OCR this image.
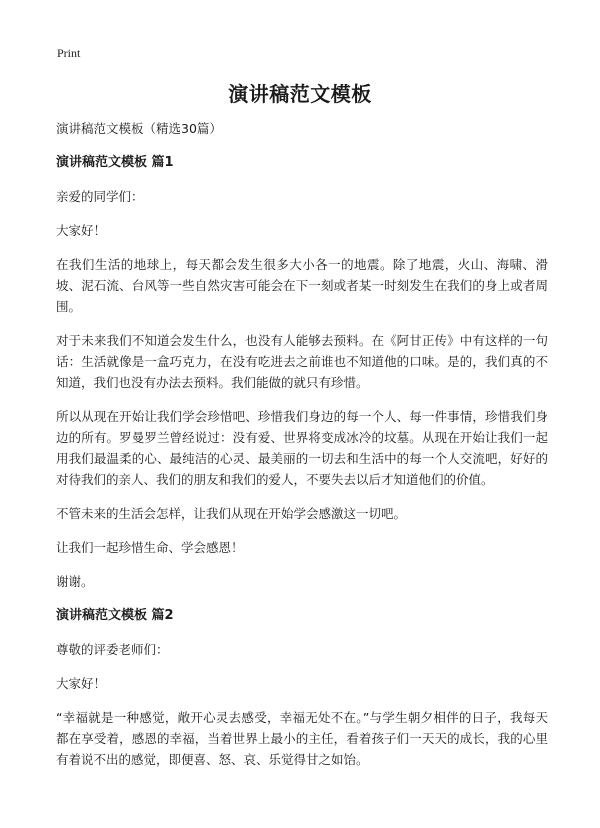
Print
演讲稿范文模板

演讲稿范文模板（精选30篇）

演讲稿范文模板 篇1

亲爱的同学们：

大家好！

在我们生活的地球上，每天都会发生很多大小各一的地震。除了地震，火山、海啸、滑坡、泥石流、台风等一些自然灾害可能会在下一刻或者某一时刻发生在我们的身上或者周围。

对于未来我们不知道会发生什么，也没有人能够去预料。在《阿甘正传》中有这样的一句话：生活就像是一盒巧克力，在没有吃进去之前谁也不知道他的口味。是的，我们真的不知道，我们也没有办法去预料。我们能做的就只有珍惜。

所以从现在开始让我们学会珍惜吧、珍惜我们身边的每一个人、每一件事情，珍惜我们身边的所有。罗曼罗兰曾经说过：没有爱、世界将变成冰冷的坟墓。从现在开始让我们一起用我们最温柔的心、最纯洁的心灵、最美丽的一切去和生活中的每一个人交流吧，好好的对待我们的亲人、我们的朋友和我们的爱人，不要失去以后才知道他们的价值。

不管未来的生活会怎样，让我们从现在开始学会感激这一切吧。

让我们一起珍惜生命、学会感恩！

谢谢。

演讲稿范文模板 篇2

尊敬的评委老师们：

大家好！

“幸福就是一种感觉，敞开心灵去感受，幸福无处不在。”与学生朝夕相伴的日子，我每天都在享受着，感恩的幸福，当着世界上最小的主任，看着孩子们一天天的成长，我的心里有着说不出的感觉，即便喜、怒、哀、乐觉得甘之如饴。
